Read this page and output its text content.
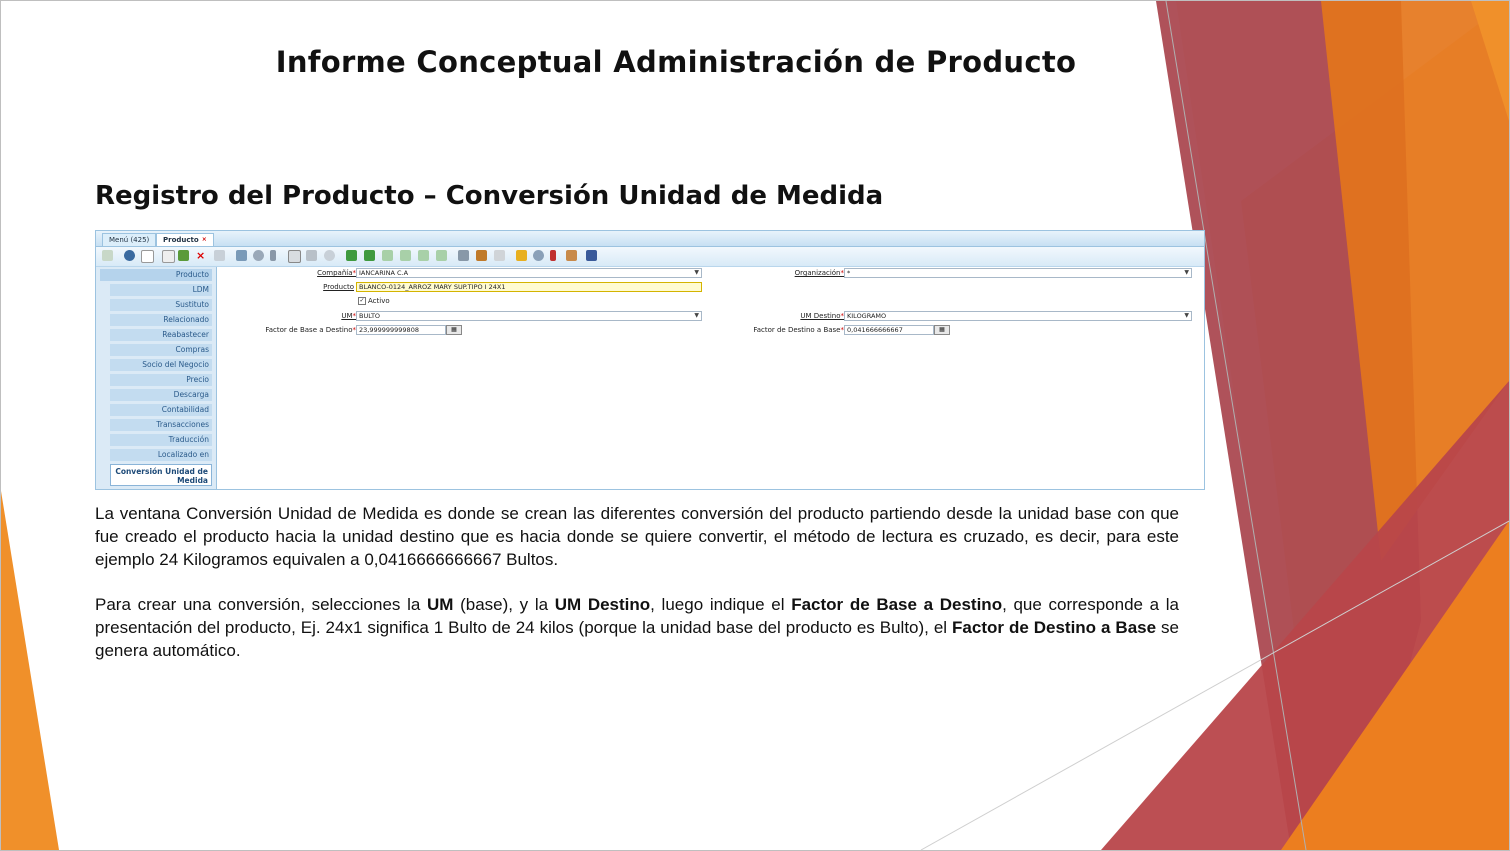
Informe Conceptual Administración de Producto
Registro del Producto – Conversión Unidad de Medida
Menú (425)	Producto ×
×
Producto
LDM
Sustituto
Relacionado
Reabastecer
Compras
Socio del Negocio
Precio
Descarga
Contabilidad
Transacciones
Traducción
Localizado en
Conversión Unidad de Medida
Compañía* IANCARINA C.A	▼	Organización* *	▼
Producto BLANCO-0124_ARROZ MARY SUP.TIPO I 24X1
✓ Activo
UM* BULTO	▼	UM Destino* KILOGRAMO	▼
Factor de Base a Destino* 23,999999999808	▦	Factor de Destino a Base* 0,041666666667	▦
La ventana Conversión Unidad de Medida es donde se crean las diferentes conversión del producto partiendo desde la unidad base con que fue creado el producto hacia la unidad destino que es hacia donde se quiere convertir, el método de lectura es cruzado, es decir, para este ejemplo 24 Kilogramos equivalen a 0,0416666666667 Bultos.
Para crear una conversión, selecciones la UM (base), y la UM Destino, luego indique el Factor de Base a Destino, que corresponde a la presentación del producto, Ej. 24x1 significa 1 Bulto de 24 kilos (porque la unidad base del producto es Bulto), el Factor de Destino a Base se genera automático.
